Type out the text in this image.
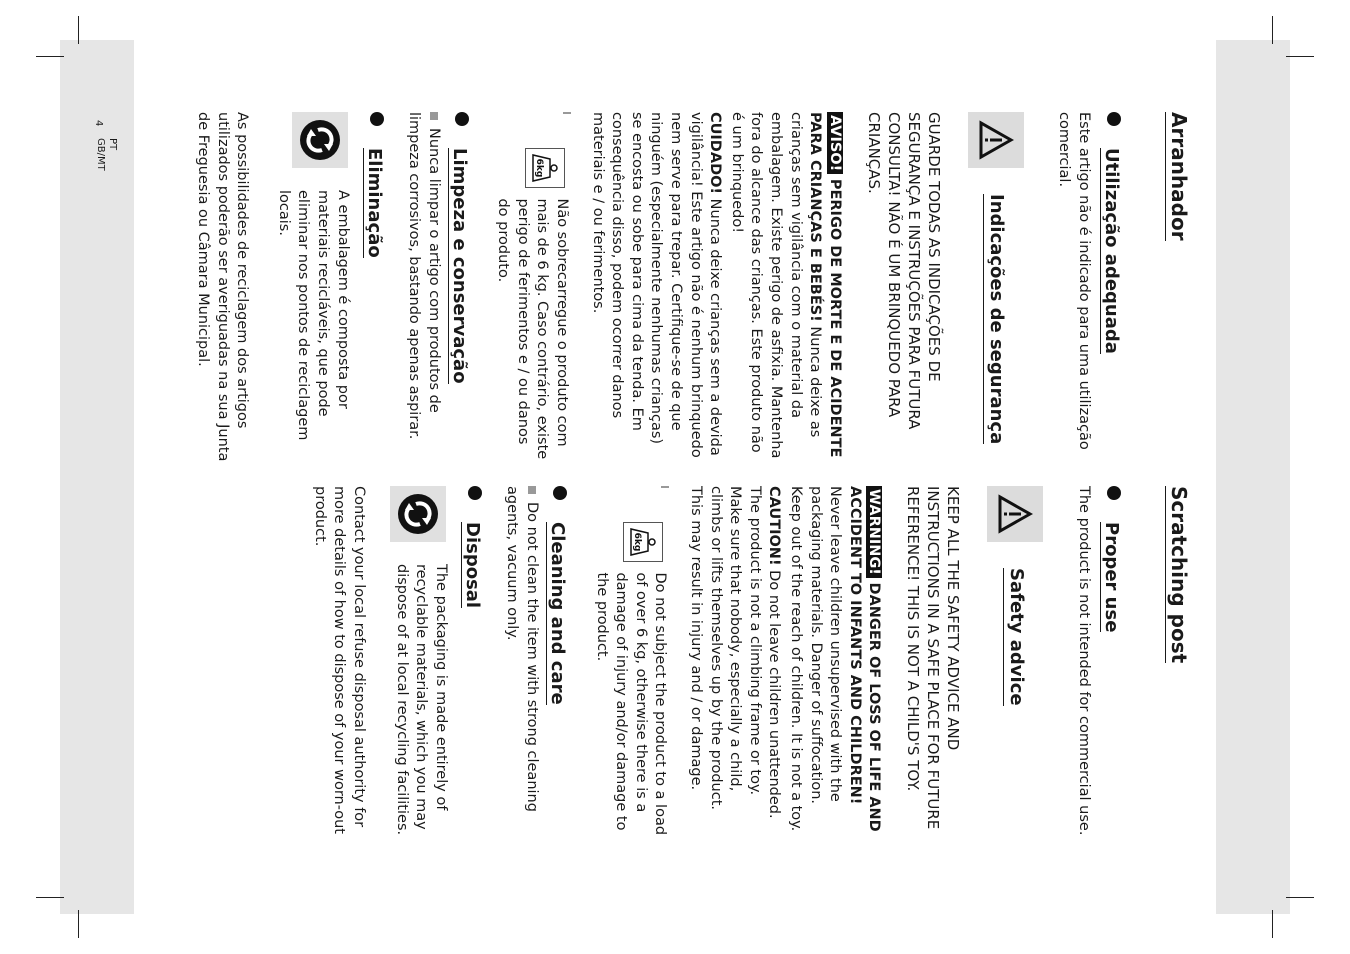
4
PT
GB/MT	Arranhador
Utilização adequada

Este artigo não é indicado para uma utilização comercial.

Indicações de segurança

GUARDE TODAS AS INDICAÇÕES DE SEGURANÇA E INSTRUÇÕES PARA FUTURA CONSULTA! NÃO É UM BRINQUEDO PARA CRIANÇAS.

AVISO! PERIGO DE MORTE E DE ACIDENTE PARA CRIANÇAS E BEBÉS! Nunca deixe as crianças sem vigilância com o material da embalagem. Existe perigo de asfixia. Mantenha fora do alcance das crianças. Este produto não é um brinquedo!

CUIDADO! Nunca deixe crianças sem a devida vigilância! Este artigo não é nenhum brinquedo nem serve para trepar. Certifique-se de que ninguém (especialmente nenhumas crianças) se encosta ou sobe para cima da tenda. Em consequência disso, podem ocorrer danos materiais e / ou ferimentos.

6kg

Não sobrecarregue o produto com mais de 6 kg. Caso contrário, existe perigo de ferimentos e / ou danos do produto.

Limpeza e conservação

Nunca limpar o artigo com produtos de limpeza corrosivos, bastando apenas aspirar.

Eliminação

A embalagem é composta por materiais recicláveis, que pode eliminar nos pontos de reciclagem locais.

As possibilidades de reciclagem dos artigos utilizados poderão ser averiguadas na sua Junta de Freguesia ou Câmara Municipal.

Scratching post
Proper use

The product is not intended for commercial use.

Safety advice

KEEP ALL THE SAFETY ADVICE AND INSTRUCTIONS IN A SAFE PLACE FOR FUTURE REFERENCE! THIS IS NOT A CHILD'S TOY.

WARNING! DANGER OF LOSS OF LIFE AND ACCIDENT TO INFANTS AND CHILDREN! Never leave children unsupervised with the packaging materials. Danger of suffocation. Keep out of the reach of children. It is not a toy.

CAUTION! Do not leave children unattended. The product is not a climbing frame or toy. Make sure that nobody, especially a child, climbs or lifts themselves up by the product. This may result in injury and / or damage.

6kg

Do not subject the product to a load of over 6 kg, otherwise there is a damage of injury and/or damage to the product.

Cleaning and care

Do not clean the item with strong cleaning agents, vacuum only.

Disposal

The packaging is made entirely of recyclable materials, which you may dispose of at local recycling facilities.

Contact your local refuse disposal authority for more details of how to dispose of your worn-out product.
